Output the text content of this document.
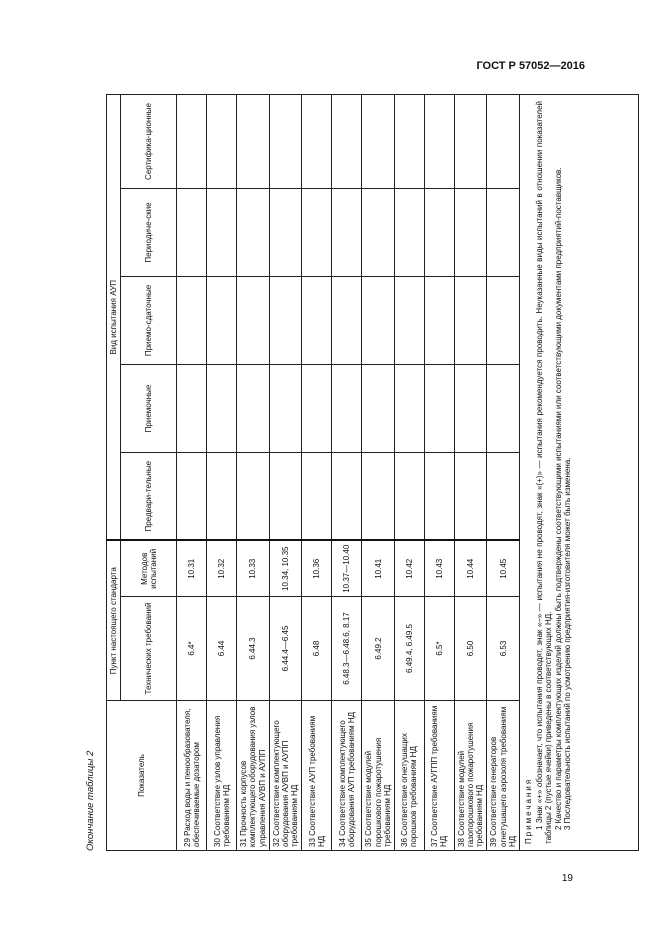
ГОСТ Р 57052—2016
Окончание таблицы 2	Показатель	Пункт настоящего стандарта		Вид испытания АУП				
	Технических требований	Методов испытаний	Предвари-тельные	Приемочные	Приемо-сдаточные	Периодиче-ские	Сертифика-ционные

29 Расход воды и пенообразователя, обеспечиваемые дозатором	6.4*	10.31					
30 Соответствие узлов управления требованиям НД	6.44	10.32					
31 Прочность корпусов комплектующего оборудования узлов управления АУВП и АУПП	6.44.3	10.33					
32 Соответствие комплектующего оборудования АУВП и АУПП требованиям НД	6.44.4—6.45	10.34, 10.35					
33 Соответствие АУП требованиям НД	6.48	10.36					
34 Соответствие комплектующего оборудования АУП требованиям НД	6.48.3—6.48.6, 8.17	10.37—10.40					
35 Соответствие модулей порошкового пожаротушения требованиям НД	6.49.2	10.41					
36 Соответствие огнетушащих порошков требованиям НД	6.49.4, 6.49.5	10.42					
37 Соответствие АУГПП требованиям НД	6.5*	10.43					
38 Соответствие модулей газопорошкового пожаротушения требованиям НД	6.50	10.44					
39 Соответствие генераторов огнетушащего аэрозоля требованиям НД	6.53	10.45					

Примечания 1 Знак «+» обозначает, что испытания проводят, знак «–» — испытания не проводят, знак «(+)» — испытания рекомендуется проводить. Неуказанные виды испытаний в отношении показателей таблицы 2 (пустые ячейки) приведены в соответствующих НД. 2 Качество и параметры комплектующих изделий должны быть подтверждены соответствующими испытаниями или соответствующими документами предприятий-поставщиков. 3 Последовательность испытаний по усмотрению предприятия-изготовителя может быть изменена.							
19
